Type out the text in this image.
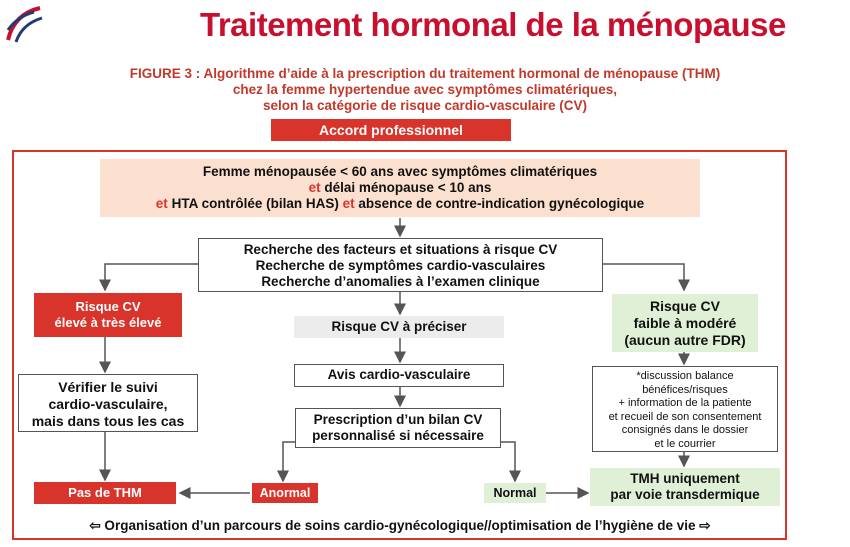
Traitement hormonal de la ménopause
FIGURE 3 : Algorithme d’aide à la prescription du traitement hormonal de ménopause (THM)
chez la femme hypertendue avec symptômes climatériques,
selon la catégorie de risque cardio-vasculaire (CV)
Accord professionnel
Femme ménopausée < 60 ans avec symptômes climatériques
et délai ménopause < 10 ans
et HTA contrôlée (bilan HAS) et absence de contre-indication gynécologique
Recherche des facteurs et situations à risque CV
Recherche de symptômes cardio-vasculaires
Recherche d’anomalies à l’examen clinique
Risque CV
élevé à très élevé
Vérifier le suivi
cardio-vasculaire,
mais dans tous les cas
Pas de THM
Risque CV à préciser
Avis cardio-vasculaire
Prescription d’un bilan CV
personnalisé si nécessaire
Anormal	Normal
Risque CV
faible à modéré
(aucun autre FDR)
*discussion balance
bénéfices/risques
+ information de la patiente
et recueil de son consentement
consignés dans le dossier
et le courrier
TMH uniquement
par voie transdermique
⇦ Organisation d’un parcours de soins cardio-gynécologique//optimisation de l’hygiène de vie ⇨
